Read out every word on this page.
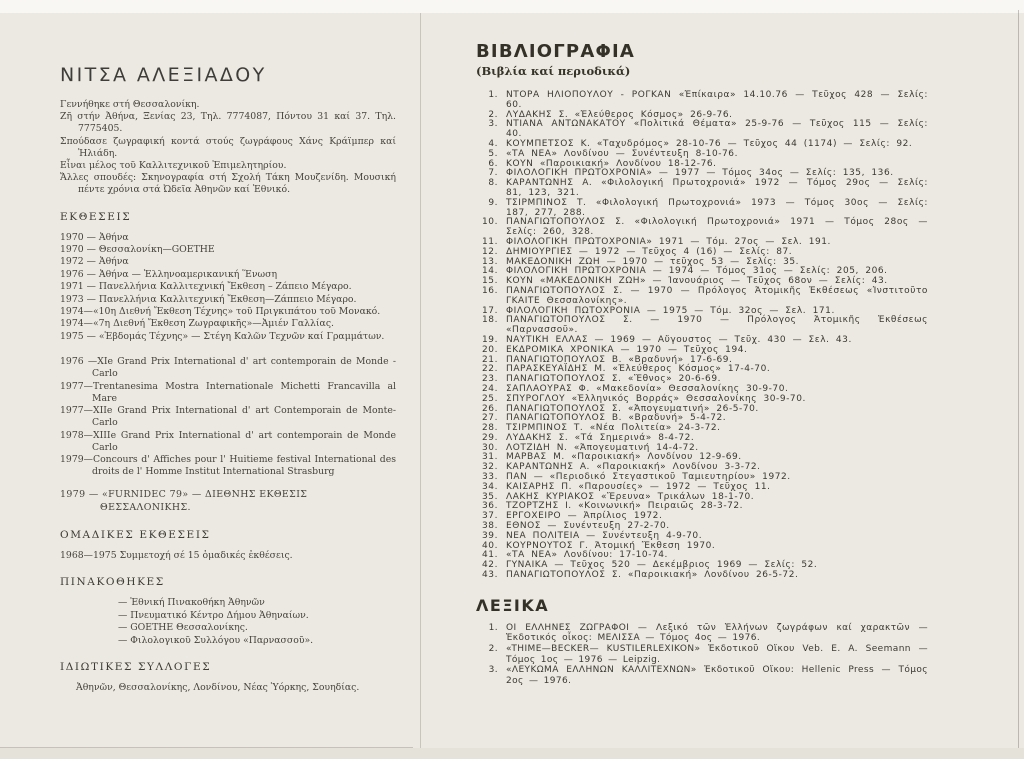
ΝΙΤΣΑ ΑΛΕΞΙΑΔΟΥ
Γεννήθηκε στή Θεσσαλονίκη.
Ζῆ στήν Ἀθήνα, Ξενίας 23, Τηλ. 7774087, Πόντου 31 καί 37. Τηλ. 7775405.
Σπούδασε ζωγραφική κοντά στούς ζωγράφους Χάνς Κράϊμπερ καί Ἠλιάδη.
Εἶναι μέλος τοῦ Καλλιτεχνικοῦ Ἐπιμελητηρίου.
Ἄλλες σπουδές: Σκηνογραφία στή Σχολή Τάκη Μουζενίδη. Μουσική πέντε χρόνια στά Ὠδεῖα Ἀθηνῶν καί Ἐθνικό.
ΕΚΘΕΣΕΙΣ
1970 — Ἀθήνα
1970 — Θεσσαλονίκη—GOETHE
1972 — Ἀθήνα
1976 — Ἀθήνα — Ἑλληνοαμερικανική Ἕνωση
1971 — Πανελλήνια Καλλιτεχνική Ἔκθεση – Ζάπειο Μέγαρο.
1973 — Πανελλήνια Καλλιτεχνική Ἔκθεση—Ζάππειο Μέγαρο.
1974—«10η Διεθνή Ἔκθεση Τέχνης» τοῦ Πριγκιπάτου τοῦ Μονακό.
1974—«7η Διεθνή Ἔκθεση Ζωγραφικῆς»—Ἀμιέν Γαλλίας.
1975 — «Ἑβδομάς Τέχνης» — Στέγη Καλῶν Τεχνῶν καί Γραμμάτων.
1976 —XIe Grand Prix International d' art contemporain de Monde - Carlo
1977—Trentanesima Mostra Internationale Michetti Francavilla al Mare
1977—XIIe Grand Prix International d' art Contemporain de Monte-Carlo
1978—XIIIe Grand Prix International d' art contemporain de Monde Carlo
1979—Concours d' Affiches pour l' Huitieme festival International des droits de l' Homme Institut International Strasburg
1979 — «FURNIDEC 79» — ΔΙΕΘΝΗΣ ΕΚΘΕΣΙΣ
ΘΕΣΣΑΛΟΝΙΚΗΣ.
ΟΜΑΔΙΚΕΣ ΕΚΘΕΣΕΙΣ

1968—1975 Συμμετοχή σέ 15 ὁμαδικές ἐκθέσεις.

ΠΙΝΑΚΟΘΗΚΕΣ
— Ἐθνική Πινακοθήκη Ἀθηνῶν
— Πνευματικό Κέντρο Δήμου Ἀθηναίων.
— GOETHE Θεσσαλονίκης.
— Φιλολογικοῦ Συλλόγου «Παρνασσοῦ».
ΙΔΙΩΤΙΚΕΣ ΣΥΛΛΟΓΕΣ

Ἀθηνῶν, Θεσσαλονίκης, Λονδίνου, Νέας Ὑόρκης, Σουηδίας.

ΒΙΒΛΙΟΓΡΑΦΙΑ

(Βιβλία καί περιοδικά)

1. ΝΤΟΡΑ ΗΛΙΟΠΟΥΛΟΥ - ΡΟΓΚΑΝ «Ἐπίκαιρα» 14.10.76 — Τεῦχος 428 — Σελίς: 60.
2. ΛΥΔΑΚΗΣ Σ. «Ἐλεύθερος Κόσμος» 26-9-76.
3. ΝΤΙΑΝΑ ΑΝΤΩΝΑΚΑΤΟΥ «Πολιτικά Θέματα» 25-9-76 — Τεῦχος 115 — Σελίς: 40.
4. ΚΟΥΜΠΕΤΣΟΣ Κ. «Ταχυδρόμος» 28-10-76 — Τεῦχος 44 (1174) — Σελίς: 92.
5. «ΤΑ ΝΕΑ» Λονδίνου — Συνέντευξη 8-10-76.
6. ΚΟΥΝ «Παροικιακή» Λονδίνου 18-12-76.
7. ΦΙΛΟΛΟΓΙΚΗ ΠΡΩΤΟΧΡΟΝΙΑ» — 1977 — Τόμος 34ος — Σελίς: 135, 136.
8. ΚΑΡΑΝΤΩΝΗΣ Α. «Φιλολογική Πρωτοχρονιά» 1972 — Τόμος 29ος — Σελίς: 81, 123, 321.
9. ΤΣΙΡΜΠΙΝΟΣ Τ. «Φιλολογική Πρωτοχρονιά» 1973 — Τόμος 30ος — Σελίς: 187, 277, 288.
10. ΠΑΝΑΓΙΩΤΟΠΟΥΛΟΣ Σ. «Φιλολογική Πρωτοχρονιά» 1971 — Τόμος 28ος — Σελίς: 260, 328.
11. ΦΙΛΟΛΟΓΙΚΗ ΠΡΩΤΟΧΡΟΝΙΑ» 1971 — Τόμ. 27ος — Σελ. 191.
12. ΔΗΜΙΟΥΡΓΙΕΣ — 1972 — Τεῦχος 4 (16) — Σελίς: 87.
13. ΜΑΚΕΔΟΝΙΚΗ ΖΩΗ — 1970 — τεῦχος 53 — Σελίς: 35.
14. ΦΙΛΟΛΟΓΙΚΗ ΠΡΩΤΟΧΡΟΝΙΑ — 1974 — Τόμος 31ος — Σελίς: 205, 206.
15. ΚΟΥΝ «ΜΑΚΕΔΟΝΙΚΗ ΖΩΗ» — Ἰανουάριος — Τεῦχος 68ον — Σελίς: 43.
16. ΠΑΝΑΓΙΩΤΟΠΟΥΛΟΣ Σ. — 1970 — Πρόλογος Ἀτομικῆς Ἐκθέσεως «Ἰνστιτοῦτο ΓΚΑΙΤΕ Θεσσαλονίκης».
17. ΦΙΛΟΛΟΓΙΚΗ ΠΩΤΟΧΡΟΝΙΑ — 1975 — Τόμ. 32ος — Σελ. 171.
18. ΠΑΝΑΓΙΩΤΟΠΟΥΛΟΣ Σ. — 1970 — Πρόλογος Ἀτομικῆς Ἐκθέσεως «Παρνασσοῦ».
19. ΝΑΥΤΙΚΗ ΕΛΛΑΣ — 1969 — Αὔγουστος — Τεῦχ. 430 — Σελ. 43.
20. ΕΚΔΡΟΜΙΚΑ ΧΡΟΝΙΚΑ — 1970 — Τεῦχος 194.
21. ΠΑΝΑΓΙΩΤΟΠΟΥΛΟΣ Β. «Βραδυνή» 17-6-69.
22. ΠΑΡΑΣΚΕΥΑΪΔΗΣ Μ. «Ἐλεύθερος Κόσμος» 17-4-70.
23. ΠΑΝΑΓΙΩΤΟΠΟΥΛΟΣ Σ. «Ἔθνος» 20-6-69.
24. ΣΑΠΛΑΟΥΡΑΣ Φ. «Μακεδονία» Θεσσαλονίκης 30-9-70.
25. ΣΠΥΡΟΓΛΟΥ «Ἑλληνικός Βορράς» Θεσσαλονίκης 30-9-70.
26. ΠΑΝΑΓΙΩΤΟΠΟΥΛΟΣ Σ. «Ἀπογευματινή» 26-5-70.
27. ΠΑΝΑΓΙΩΤΟΠΟΥΛΟΣ Β. «Βραδυνή» 5-4-72.
28. ΤΣΙΡΜΠΙΝΟΣ Τ. «Νέα Πολιτεία» 24-3-72.
29. ΛΥΔΑΚΗΣ Σ. «Τά Σημερινά» 8-4-72.
30. ΛΟΤΖΙΔΗ Ν. «Ἀπογευματινή 14-4-72.
31. ΜΑΡΒΑΣ Μ. «Παροικιακή» Λονδίνου 12-9-69.
32. ΚΑΡΑΝΤΩΝΗΣ Α. «Παροικιακή» Λονδίνου 3-3-72.
33. ΠΑΝ — «Περιοδικό Στεγαστικοῦ Ταμιευτηρίου» 1972.
34. ΚΑΙΣΑΡΗΣ Π. «Παρουσίες» — 1972 — Τεῦχος 11.
35. ΛΑΚΗΣ ΚΥΡΙΑΚΟΣ «Ἔρευνα» Τρικάλων 18-1-70.
36. ΤΖΟΡΤΖΗΣ Ι. «Κοινωνική» Πειραιῶς 28-3-72.
37. ΕΡΓΟΧΕΙΡΟ — Ἀπρίλιος 1972.
38. ΕΘΝΟΣ — Συνέντευξη 27-2-70.
39. ΝΕΑ ΠΟΛΙΤΕΙΑ — Συνέντευξη 4-9-70.
40. ΚΟΥΡΝΟΥΤΟΣ Γ. Ἀτομική Ἔκθεση 1970.
41. «ΤΑ ΝΕΑ» Λονδίνου: 17-10-74.
42. ΓΥΝΑΙΚΑ — Τεῦχος 520 — Δεκέμβριος 1969 — Σελίς: 52.
43. ΠΑΝΑΓΙΩΤΟΠΟΥΛΟΣ Σ. «Παροικιακή» Λονδίνου 26-5-72.
ΛΕΞΙΚΑ
1. ΟΙ ΕΛΛΗΝΕΣ ΖΩΓΡΑΦΟΙ — Λεξικό τῶν Ἑλλήνων ζωγράφων καί χαρακτῶν — Ἐκδοτικός οἶκος: ΜΕΛΙΣΣΑ — Τόμος 4ος — 1976.
2. «THIME—BECKER— KUSTILERLEXIKON» Ἐκδοτικοῦ Οἴκου Veb. E. A. Seemann — Τόμος 1ος — 1976 — Leipzig.
3. «ΛΕΥΚΩΜΑ ΕΛΛΗΝΩΝ ΚΑΛΛΙΤΕΧΝΩΝ» Ἐκδοτικοῦ Οἴκου: Hellenic Press — Τόμος 2ος — 1976.
